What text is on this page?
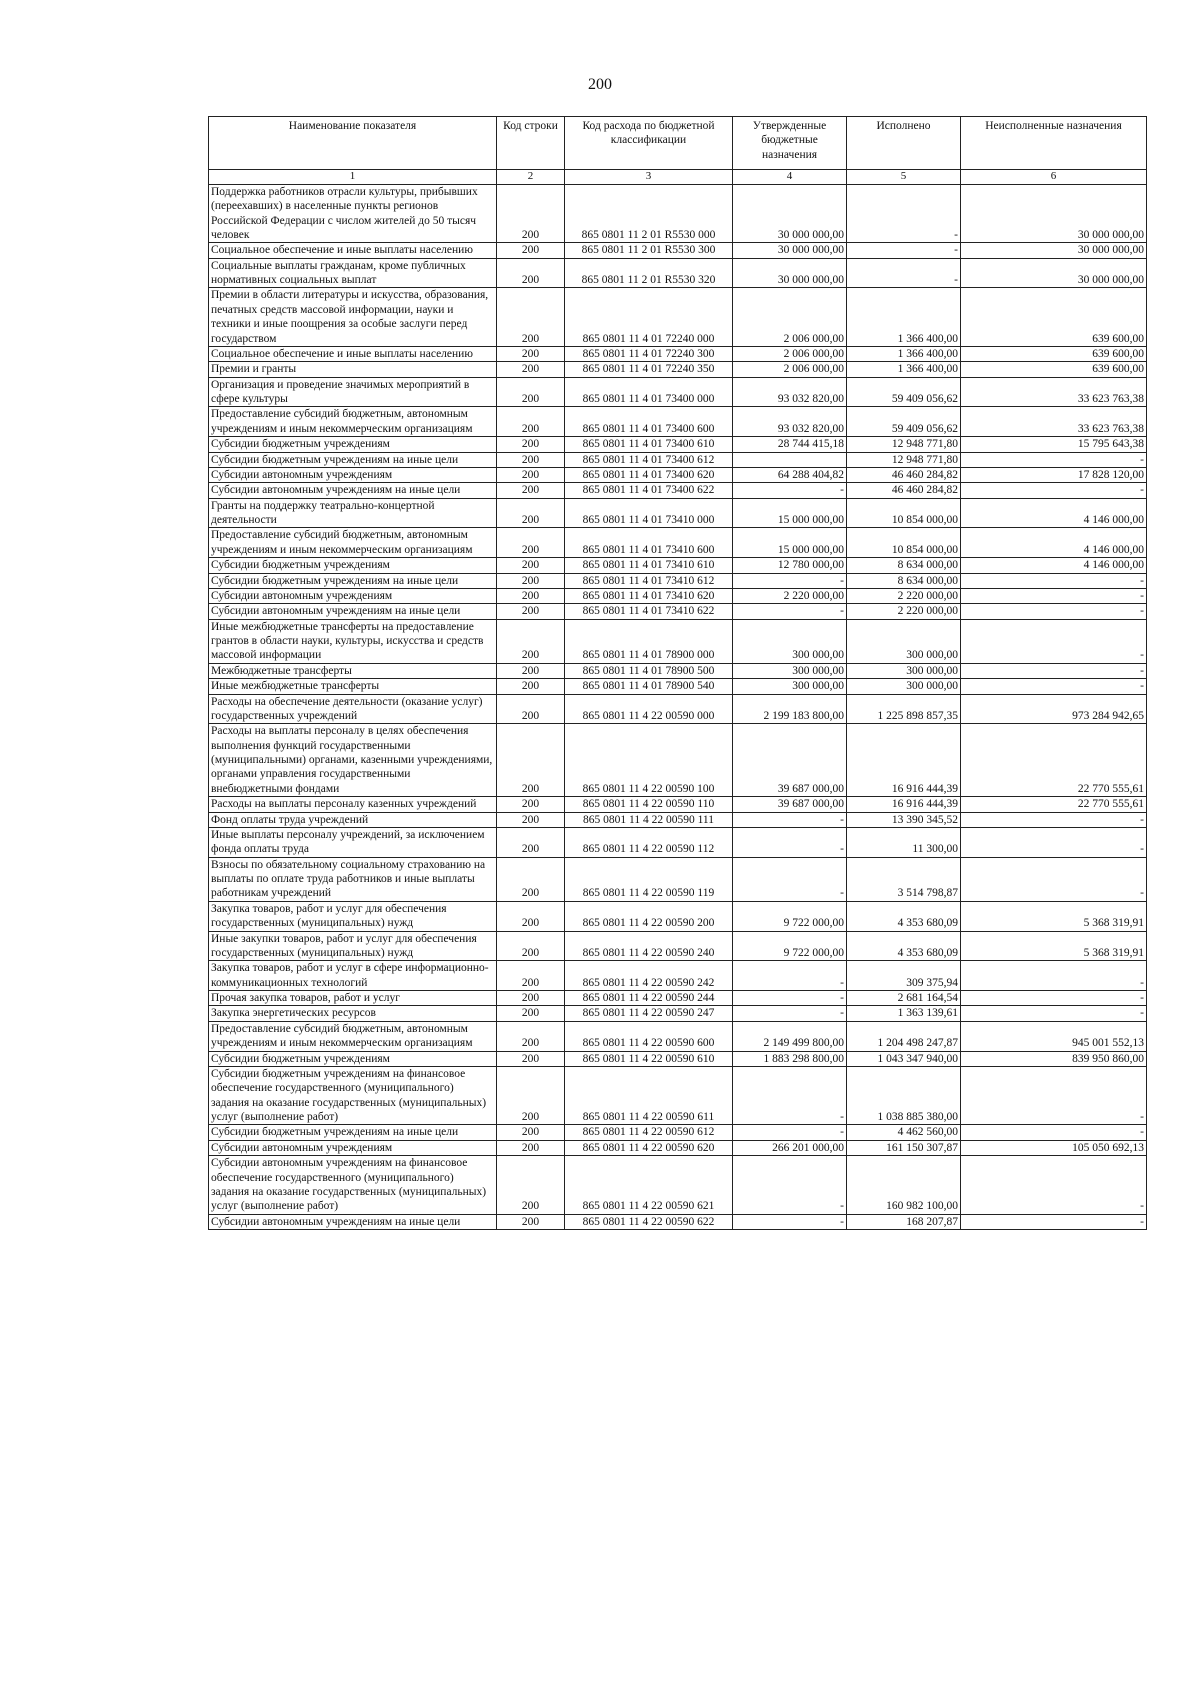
200
Наименование показателя	Код строки	Код расхода по бюджетной классификации	Утвержденные бюджетные назначения	Исполнено	Неисполненные назначения
1	2	3	4	5	6
Поддержка работников отрасли культуры, прибывших (переехавших) в населенные пункты регионов Российской Федерации с числом жителей до 50 тысяч человек	200	865 0801 11 2 01 R5530 000	30 000 000,00	-	30 000 000,00
Социальное обеспечение и иные выплаты населению	200	865 0801 11 2 01 R5530 300	30 000 000,00	-	30 000 000,00
Социальные выплаты гражданам, кроме публичных нормативных социальных выплат	200	865 0801 11 2 01 R5530 320	30 000 000,00	-	30 000 000,00
Премии в области литературы и искусства, образования, печатных средств массовой информации, науки и техники и иные поощрения за особые заслуги перед государством	200	865 0801 11 4 01 72240 000	2 006 000,00	1 366 400,00	639 600,00
Социальное обеспечение и иные выплаты населению	200	865 0801 11 4 01 72240 300	2 006 000,00	1 366 400,00	639 600,00
Премии и гранты	200	865 0801 11 4 01 72240 350	2 006 000,00	1 366 400,00	639 600,00
Организация и проведение значимых мероприятий в сфере культуры	200	865 0801 11 4 01 73400 000	93 032 820,00	59 409 056,62	33 623 763,38
Предоставление субсидий бюджетным, автономным учреждениям и иным некоммерческим организациям	200	865 0801 11 4 01 73400 600	93 032 820,00	59 409 056,62	33 623 763,38
Субсидии бюджетным учреждениям	200	865 0801 11 4 01 73400 610	28 744 415,18	12 948 771,80	15 795 643,38
Субсидии бюджетным учреждениям на иные цели	200	865 0801 11 4 01 73400 612		12 948 771,80	-
Субсидии автономным учреждениям	200	865 0801 11 4 01 73400 620	64 288 404,82	46 460 284,82	17 828 120,00
Субсидии автономным учреждениям на иные цели	200	865 0801 11 4 01 73400 622	-	46 460 284,82	-
Гранты на поддержку театрально-концертной деятельности	200	865 0801 11 4 01 73410 000	15 000 000,00	10 854 000,00	4 146 000,00
Предоставление субсидий бюджетным, автономным учреждениям и иным некоммерческим организациям	200	865 0801 11 4 01 73410 600	15 000 000,00	10 854 000,00	4 146 000,00
Субсидии бюджетным учреждениям	200	865 0801 11 4 01 73410 610	12 780 000,00	8 634 000,00	4 146 000,00
Субсидии бюджетным учреждениям на иные цели	200	865 0801 11 4 01 73410 612	-	8 634 000,00	-
Субсидии автономным учреждениям	200	865 0801 11 4 01 73410 620	2 220 000,00	2 220 000,00	-
Субсидии автономным учреждениям на иные цели	200	865 0801 11 4 01 73410 622	-	2 220 000,00	-
Иные межбюджетные трансферты на предоставление грантов в области науки, культуры, искусства и средств массовой информации	200	865 0801 11 4 01 78900 000	300 000,00	300 000,00	-
Межбюджетные трансферты	200	865 0801 11 4 01 78900 500	300 000,00	300 000,00	-
Иные межбюджетные трансферты	200	865 0801 11 4 01 78900 540	300 000,00	300 000,00	-
Расходы на обеспечение деятельности (оказание услуг) государственных учреждений	200	865 0801 11 4 22 00590 000	2 199 183 800,00	1 225 898 857,35	973 284 942,65
Расходы на выплаты персоналу в целях обеспечения выполнения функций государственными (муниципальными) органами, казенными учреждениями, органами управления государственными внебюджетными фондами	200	865 0801 11 4 22 00590 100	39 687 000,00	16 916 444,39	22 770 555,61
Расходы на выплаты персоналу казенных учреждений	200	865 0801 11 4 22 00590 110	39 687 000,00	16 916 444,39	22 770 555,61
Фонд оплаты труда учреждений	200	865 0801 11 4 22 00590 111	-	13 390 345,52	-
Иные выплаты персоналу учреждений, за исключением фонда оплаты труда	200	865 0801 11 4 22 00590 112	-	11 300,00	-
Взносы по обязательному социальному страхованию на выплаты по оплате труда работников и иные выплаты работникам учреждений	200	865 0801 11 4 22 00590 119	-	3 514 798,87	-
Закупка товаров, работ и услуг для обеспечения государственных (муниципальных) нужд	200	865 0801 11 4 22 00590 200	9 722 000,00	4 353 680,09	5 368 319,91
Иные закупки товаров, работ и услуг для обеспечения государственных (муниципальных) нужд	200	865 0801 11 4 22 00590 240	9 722 000,00	4 353 680,09	5 368 319,91
Закупка товаров, работ и услуг в сфере информационно-коммуникационных технологий	200	865 0801 11 4 22 00590 242	-	309 375,94	-
Прочая закупка товаров, работ и услуг	200	865 0801 11 4 22 00590 244	-	2 681 164,54	-
Закупка энергетических ресурсов	200	865 0801 11 4 22 00590 247	-	1 363 139,61	-
Предоставление субсидий бюджетным, автономным учреждениям и иным некоммерческим организациям	200	865 0801 11 4 22 00590 600	2 149 499 800,00	1 204 498 247,87	945 001 552,13
Субсидии бюджетным учреждениям	200	865 0801 11 4 22 00590 610	1 883 298 800,00	1 043 347 940,00	839 950 860,00
Субсидии бюджетным учреждениям на финансовое обеспечение государственного (муниципального) задания на оказание государственных (муниципальных) услуг (выполнение работ)	200	865 0801 11 4 22 00590 611	-	1 038 885 380,00	-
Субсидии бюджетным учреждениям на иные цели	200	865 0801 11 4 22 00590 612	-	4 462 560,00	-
Субсидии автономным учреждениям	200	865 0801 11 4 22 00590 620	266 201 000,00	161 150 307,87	105 050 692,13
Субсидии автономным учреждениям на финансовое обеспечение государственного (муниципального) задания на оказание государственных (муниципальных) услуг (выполнение работ)	200	865 0801 11 4 22 00590 621	-	160 982 100,00	-
Субсидии автономным учреждениям на иные цели	200	865 0801 11 4 22 00590 622	-	168 207,87	-
